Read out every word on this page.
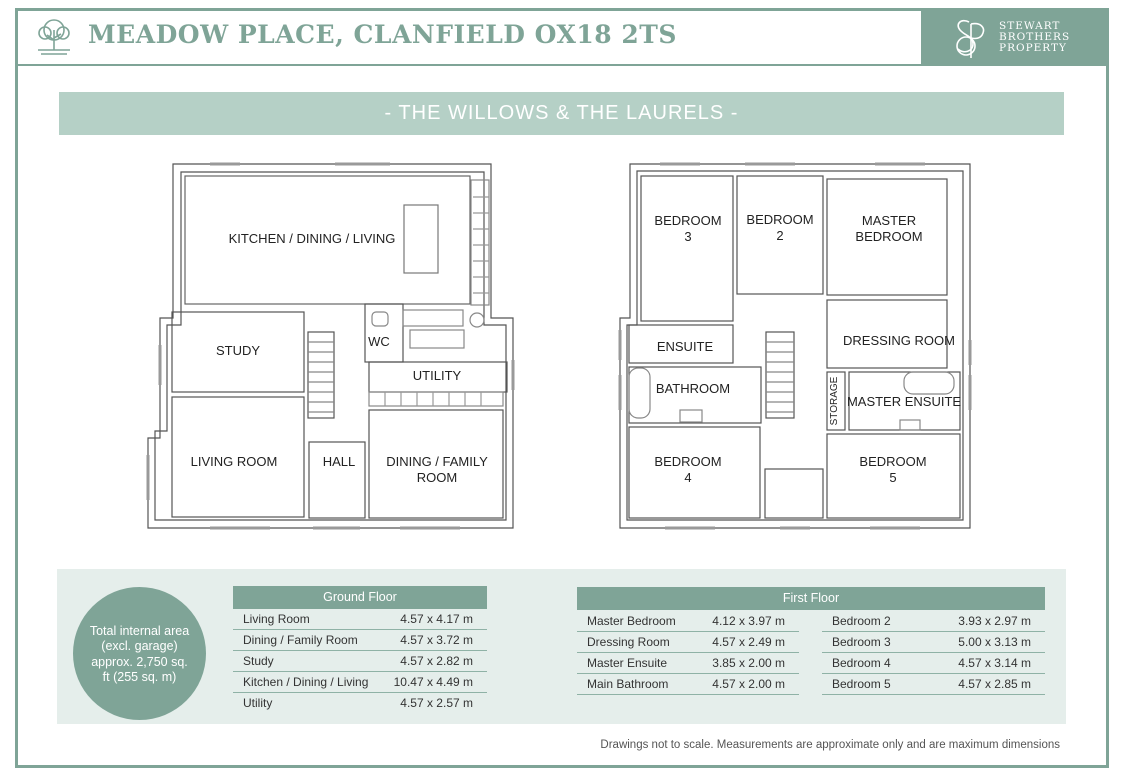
MEADOW PLACE, CLANFIELD OX18 2TS	STEWART
BROTHERS
PROPERTY
- THE WILLOWS & THE LAURELS -
KITCHEN / DINING / LIVING
STUDY
WC
UTILITY
LIVING ROOM	HALL DINING / FAMILY
ROOM
BEDROOM
3
BEDROOM
2
MASTER
BEDROOM
ENSUITE	DRESSING ROOM
BATHROOM	STORAGE MASTER ENSUITE
BEDROOM
4
BEDROOM
5
Total internal area (excl. garage) approx. 2,750 sq. ft (255 sq. m)
Ground Floor
Living Room	4.57 x 4.17 m
Dining / Family Room	4.57 x 3.72 m
Study	4.57 x 2.82 m
Kitchen / Dining / Living 10.47 x 4.49 m
Utility	4.57 x 2.57 m
First Floor
Master Bedroom	4.12 x 3.97 m
Dressing Room	4.57 x 2.49 m
Master Ensuite	3.85 x 2.00 m
Main Bathroom	4.57 x 2.00 m
Bedroom 2	3.93 x 2.97 m
Bedroom 3	5.00 x 3.13 m
Bedroom 4	4.57 x 3.14 m
Bedroom 5	4.57 x 2.85 m
Drawings not to scale. Measurements are approximate only and are maximum dimensions
